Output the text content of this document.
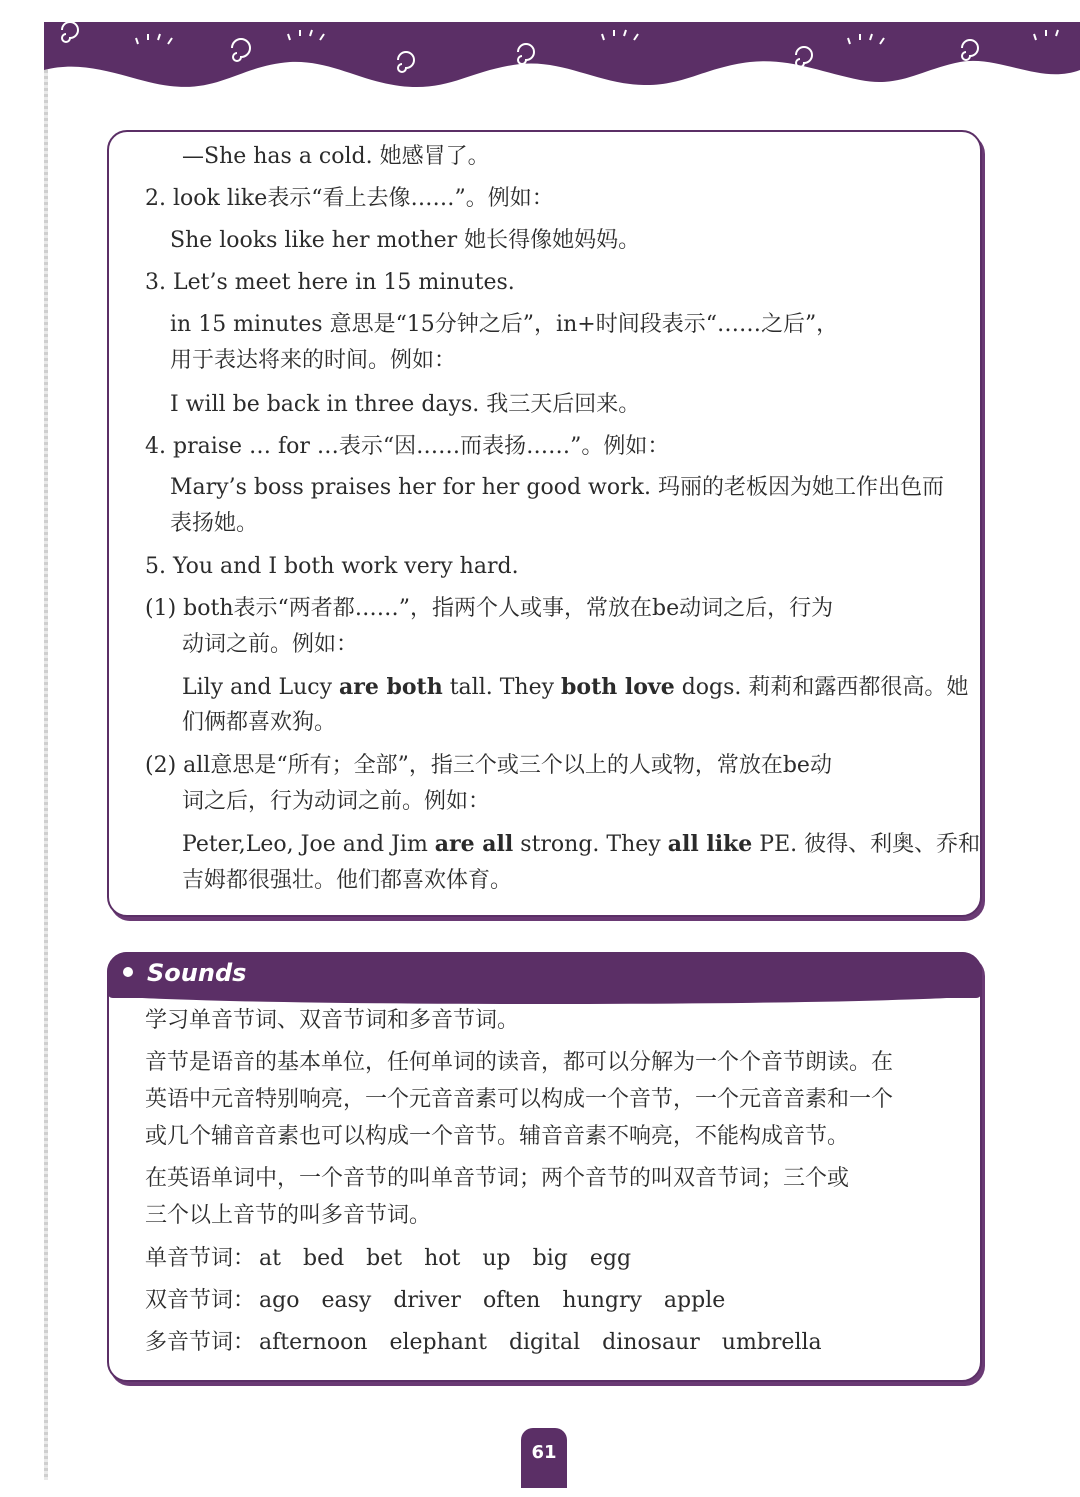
—She has a cold. 她感冒了。
2. look like表示“看上去像……”。例如：
She looks like her mother 她长得像她妈妈。
3. Let’s meet here in 15 minutes.
in 15 minutes 意思是“15分钟之后”，in+时间段表示“……之后”，
用于表达将来的时间。例如：
I will be back in three days. 我三天后回来。
4. praise … for …表示“因……而表扬……”。例如：
Mary’s boss praises her for her good work. 玛丽的老板因为她工作出色而
表扬她。
5. You and I both work very hard.
(1) both表示“两者都……”，指两个人或事，常放在be动词之后，行为
动词之前。例如：
Lily and Lucy are both tall. They both love dogs. 莉莉和露西都很高。她
们俩都喜欢狗。
(2) all意思是“所有；全部”，指三个或三个以上的人或物，常放在be动
词之后，行为动词之前。例如：
Peter,Leo, Joe and Jim are all strong. They all like PE. 彼得、利奥、乔和
吉姆都很强壮。他们都喜欢体育。
Sounds
学习单音节词、双音节词和多音节词。
音节是语音的基本单位，任何单词的读音，都可以分解为一个个音节朗读。在
英语中元音特别响亮，一个元音音素可以构成一个音节，一个元音音素和一个
或几个辅音音素也可以构成一个音节。辅音音素不响亮，不能构成音节。
在英语单词中，一个音节的叫单音节词；两个音节的叫双音节词；三个或
三个以上音节的叫多音节词。
单音节词： at bed bet hot up big egg
双音节词： ago easy driver often hungry apple
多音节词： afternoon elephant digital dinosaur umbrella
61
